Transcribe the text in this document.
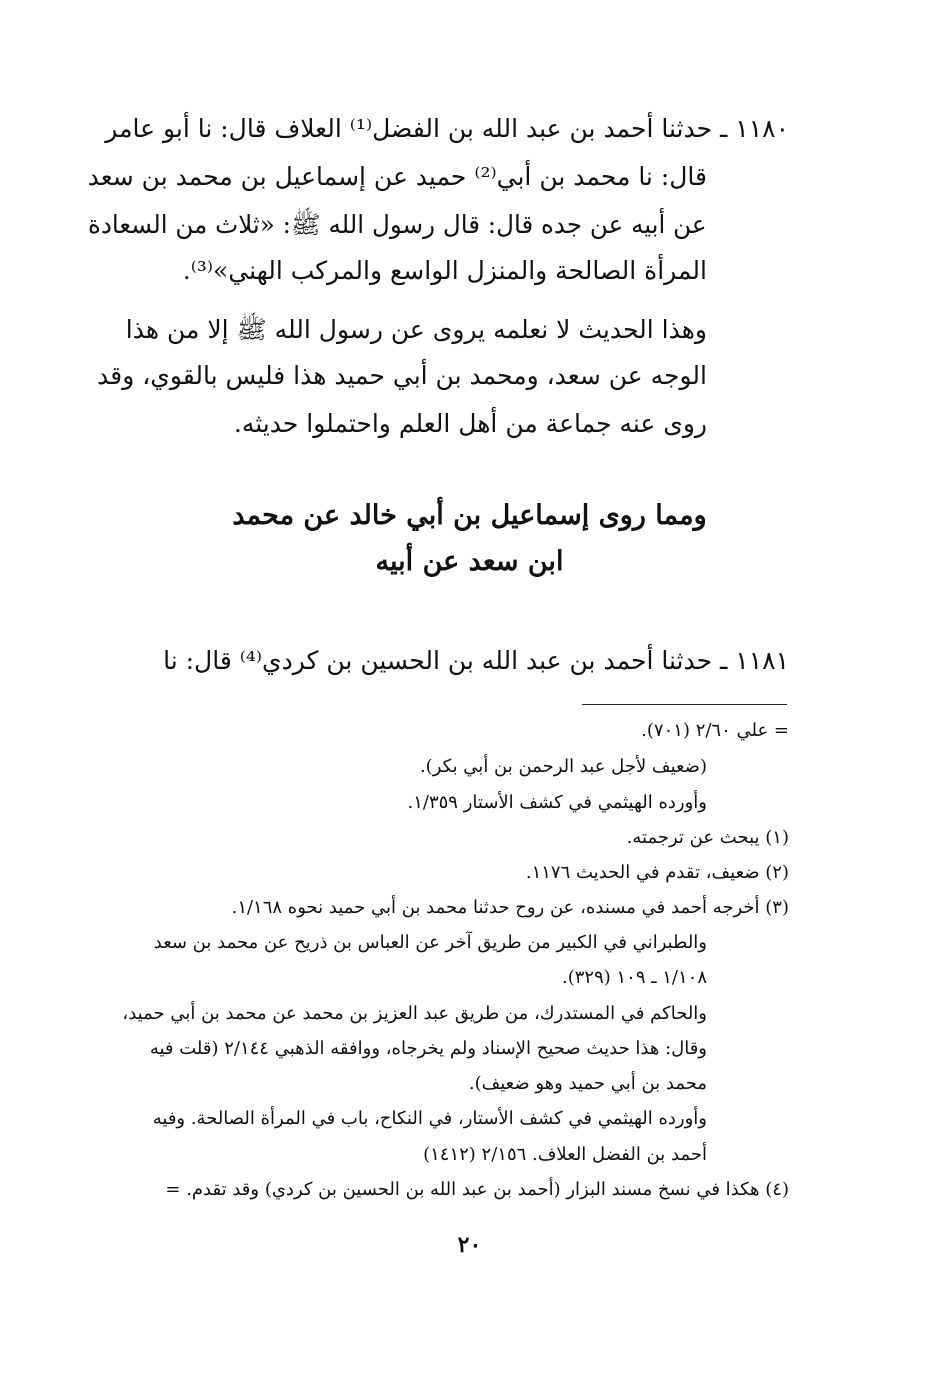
١١٨٠ ـ حدثنا أحمد بن عبد الله بن الفضل⁽¹⁾ العلاف قال: نا أبو عامر
قال: نا محمد بن أبي⁽²⁾ حميد عن إسماعيل بن محمد بن سعد
عن أبيه عن جده قال: قال رسول الله ﷺ: «ثلاث من السعادة
المرأة الصالحة والمنزل الواسع والمركب الهني»⁽³⁾.
وهذا الحديث لا نعلمه يروى عن رسول الله ﷺ إلا من هذا
الوجه عن سعد، ومحمد بن أبي حميد هذا فليس بالقوي، وقد
روى عنه جماعة من أهل العلم واحتملوا حديثه.
ومما روى إسماعيل بن أبي خالد عن محمد
ابن سعد عن أبيه
١١٨١ ـ حدثنا أحمد بن عبد الله بن الحسين بن كردي⁽⁴⁾ قال: نا
= علي ٢/٦٠ (٧٠١).
(ضعيف لأجل عبد الرحمن بن أبي بكر).
وأورده الهيثمي في كشف الأستار ١/٣٥٩.
(١) يبحث عن ترجمته.
(٢) ضعيف، تقدم في الحديث ١١٧٦.
(٣) أخرجه أحمد في مسنده، عن روح حدثنا محمد بن أبي حميد نحوه ١/١٦٨.
والطبراني في الكبير من طريق آخر عن العباس بن ذريح عن محمد بن سعد
١/١٠٨ ـ ١٠٩ (٣٢٩).
والحاكم في المستدرك، من طريق عبد العزيز بن محمد عن محمد بن أبي حميد،
وقال: هذا حديث صحيح الإسناد ولم يخرجاه، ووافقه الذهبي ٢/١٤٤ (قلت فيه
محمد بن أبي حميد وهو ضعيف).
وأورده الهيثمي في كشف الأستار، في النكاح، باب في المرأة الصالحة. وفيه
أحمد بن الفضل العلاف. ٢/١٥٦ (١٤١٢)
(٤) هكذا في نسخ مسند البزار (أحمد بن عبد الله بن الحسين بن كردي) وقد تقدم. =
٢٠
